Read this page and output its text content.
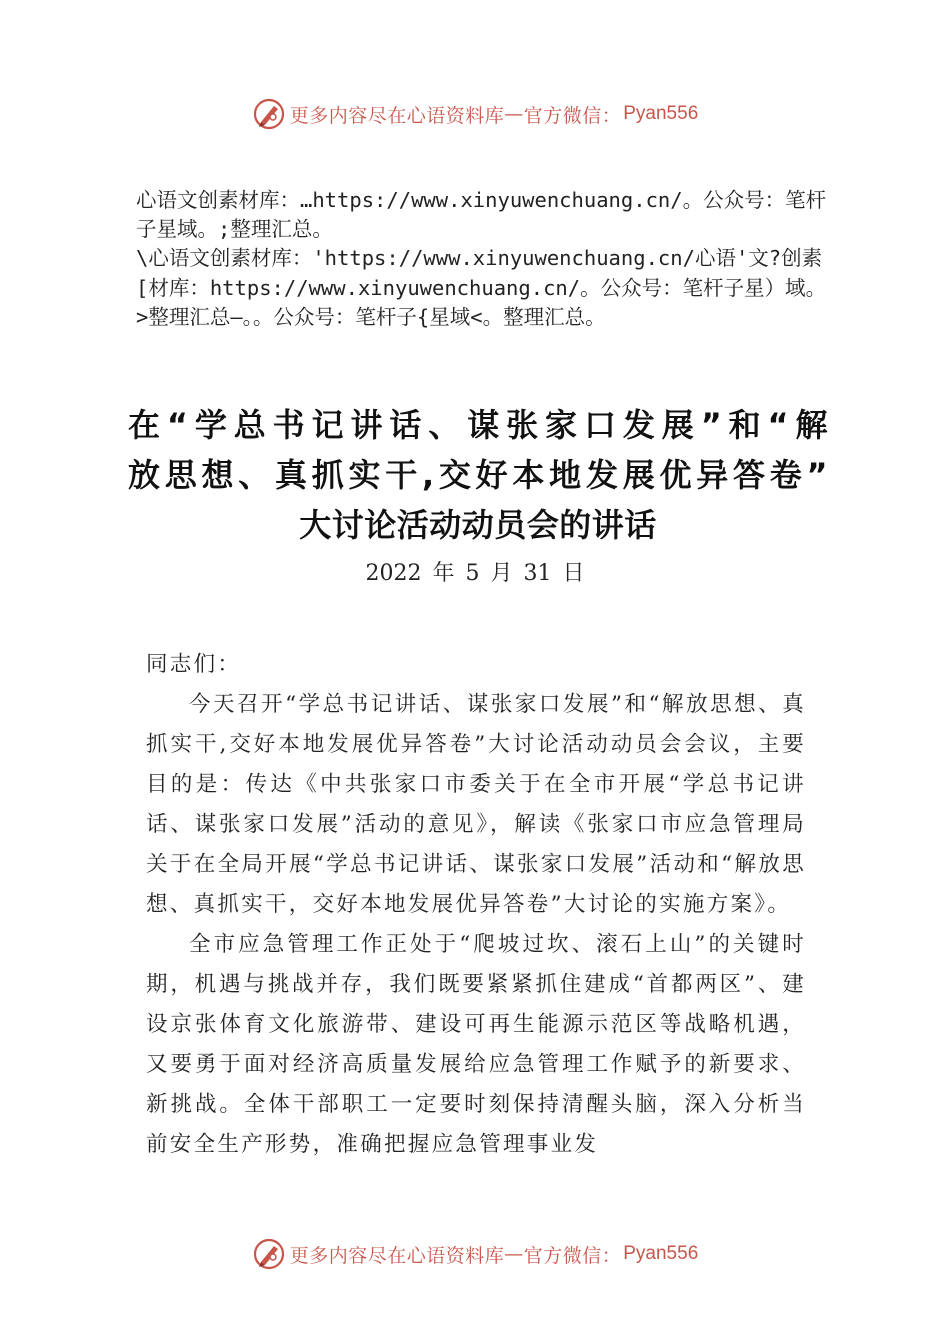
更多内容尽在心语资料库 — 官方微信： Pyan556
心语文创素材库：…https://www.xinyuwenchuang.cn/。公众号：笔杆子星域。;整理汇总。
\心语文创素材库：'https://www.xinyuwenchuang.cn/心语'文?创素[材库：https://www.xinyuwenchuang.cn/。公众号：笔杆子星）域。>整理汇总—。。公众号：笔杆子{星域<。整理汇总。
在“学总书记讲话、谋张家口发展”和“解
放思想、真抓实干,交好本地发展优异答卷”
大讨论活动动员会的讲话
2022 年 5 月 31 日
同志们：

今天召开“学总书记讲话、谋张家口发展”和“解放思想、真抓实干,交好本地发展优异答卷”大讨论活动动员会会议，主要目的是：传达《中共张家口市委关于在全市开展“学总书记讲话、谋张家口发展”活动的意见》，解读《张家口市应急管理局关于在全局开展“学总书记讲话、谋张家口发展”活动和“解放思想、真抓实干，交好本地发展优异答卷”大讨论的实施方案》。

全市应急管理工作正处于“爬坡过坎、滚石上山”的关键时期，机遇与挑战并存，我们既要紧紧抓住建成“首都两区”、建设京张体育文化旅游带、建设可再生能源示范区等战略机遇，又要勇于面对经济高质量发展给应急管理工作赋予的新要求、新挑战。全体干部职工一定要时刻保持清醒头脑，深入分析当前安全生产形势，准确把握应急管理事业发

更多内容尽在心语资料库 — 官方微信： Pyan556
